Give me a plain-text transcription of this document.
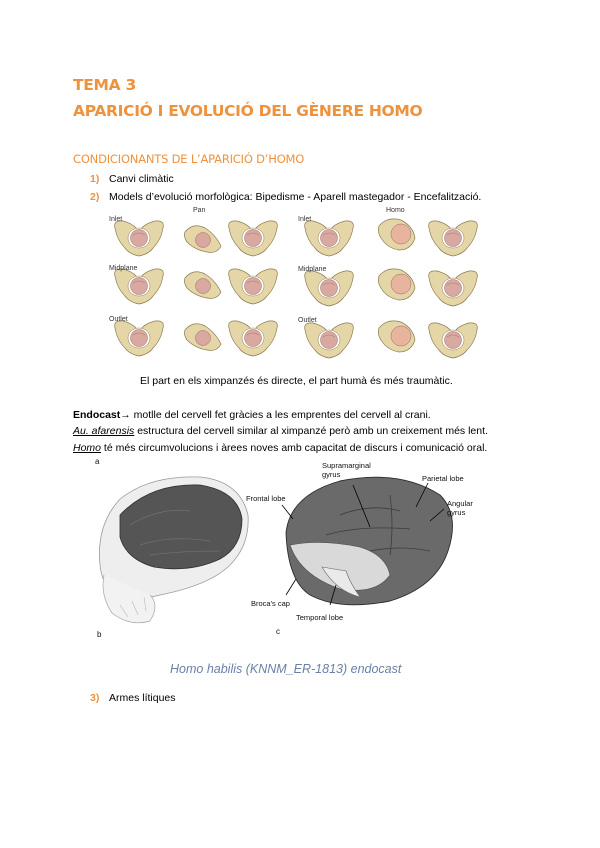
TEMA 3
APARICIÓ I EVOLUCIÓ DEL GÈNERE HOMO
CONDICIONANTS DE L’APARICIÓ D’HOMO
1) Canvi climàtic
2) Models d’evolució morfològica: Bipedisme - Aparell mastegador - Encefalització.
Inlet
Midplane
Outlet
Pan
Inlet
Midplane
Outlet
Homo
El part en els ximpanzés és directe, el part humà és més traumàtic.
Endocast→ motlle del cervell fet gràcies a les emprentes del cervell al crani.
Au. afarensis estructura del cervell similar al ximpanzé però amb un creixement més lent.
Homo té més circumvolucions i àrees noves amb capacitat de discurs i comunicació oral.
a
b	c
Supramarginal
gyrus	Parietal lobe
Frontal lobe
Angular
gyrus
Broca's cap
Temporal lobe
Homo habilis (KNNM_ER-1813) endocast
3) Armes lítiques
